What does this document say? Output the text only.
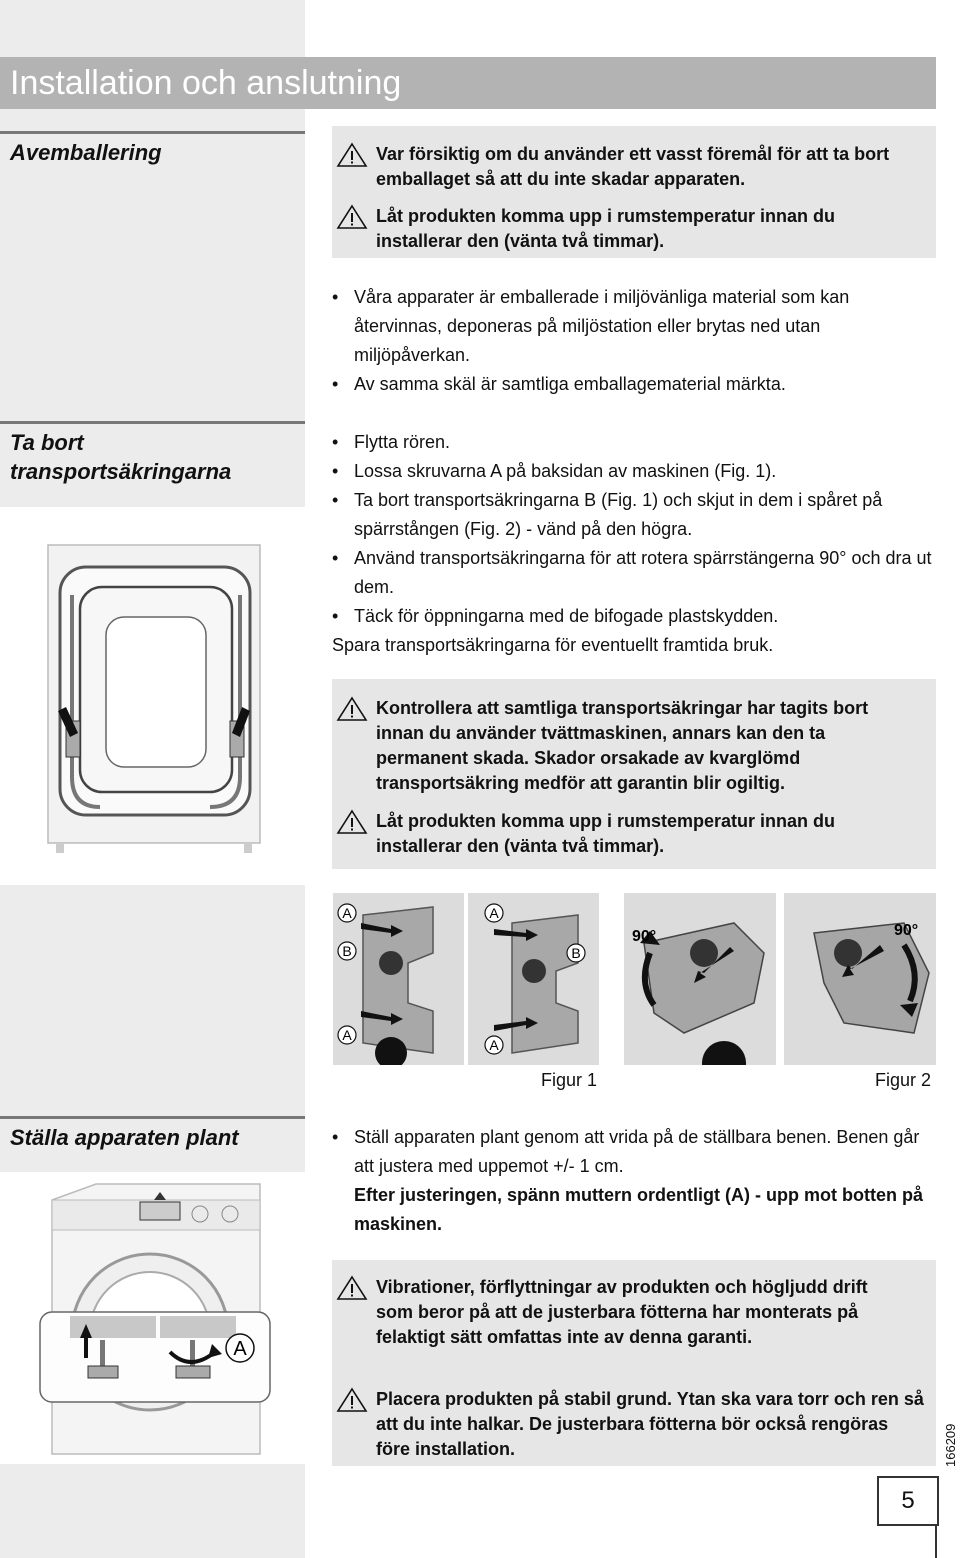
Installation och anslutning
Avemballering	Var försiktig om du använder ett vasst föremål för att ta bort emballaget så att du inte skadar apparaten.
Låt produkten komma upp i rumstemperatur innan du installerar den (vänta två timmar).
• Våra apparater är emballerade i miljövänliga material som kan återvinnas, deponeras på miljöstation eller brytas ned utan miljöpåverkan.
• Av samma skäl är samtliga emballagematerial märkta.
Ta bort
transportsäkringarna
• Flytta rören.
• Lossa skruvarna A på baksidan av maskinen (Fig. 1).
• Ta bort transportsäkringarna B (Fig. 1) och skjut in dem i spåret på spärrstången (Fig. 2) - vänd på den högra.
• Använd transportsäkringarna för att rotera spärrstängerna 90° och dra ut dem.
• Täck för öppningarna med de bifogade plastskydden.
Spara transportsäkringarna för eventuellt framtida bruk.
Kontrollera att samtliga transportsäkringar har tagits bort innan du använder tvättmaskinen, annars kan den ta permanent skada. Skador orsakade av kvarglömd transportsäkring medför att garantin blir ogiltig.
Låt produkten komma upp i rumstemperatur innan du installerar den (vänta två timmar).
A
B
A
A
B
A
90°	90°
Figur 1	Figur 2
Ställa apparaten plant
A
• Ställ apparaten plant genom att vrida på de ställbara benen. Benen går att justera med uppemot +/- 1 cm.
Efter justeringen, spänn muttern ordentligt (A) - upp mot botten på maskinen.
Vibrationer, förflyttningar av produkten och högljudd drift som beror på att de justerbara fötterna har monterats på felaktigt sätt omfattas inte av denna garanti.
Placera produkten på stabil grund. Ytan ska vara torr och ren så att du inte halkar. De justerbara fötterna bör också rengöras före installation.	166209
5
